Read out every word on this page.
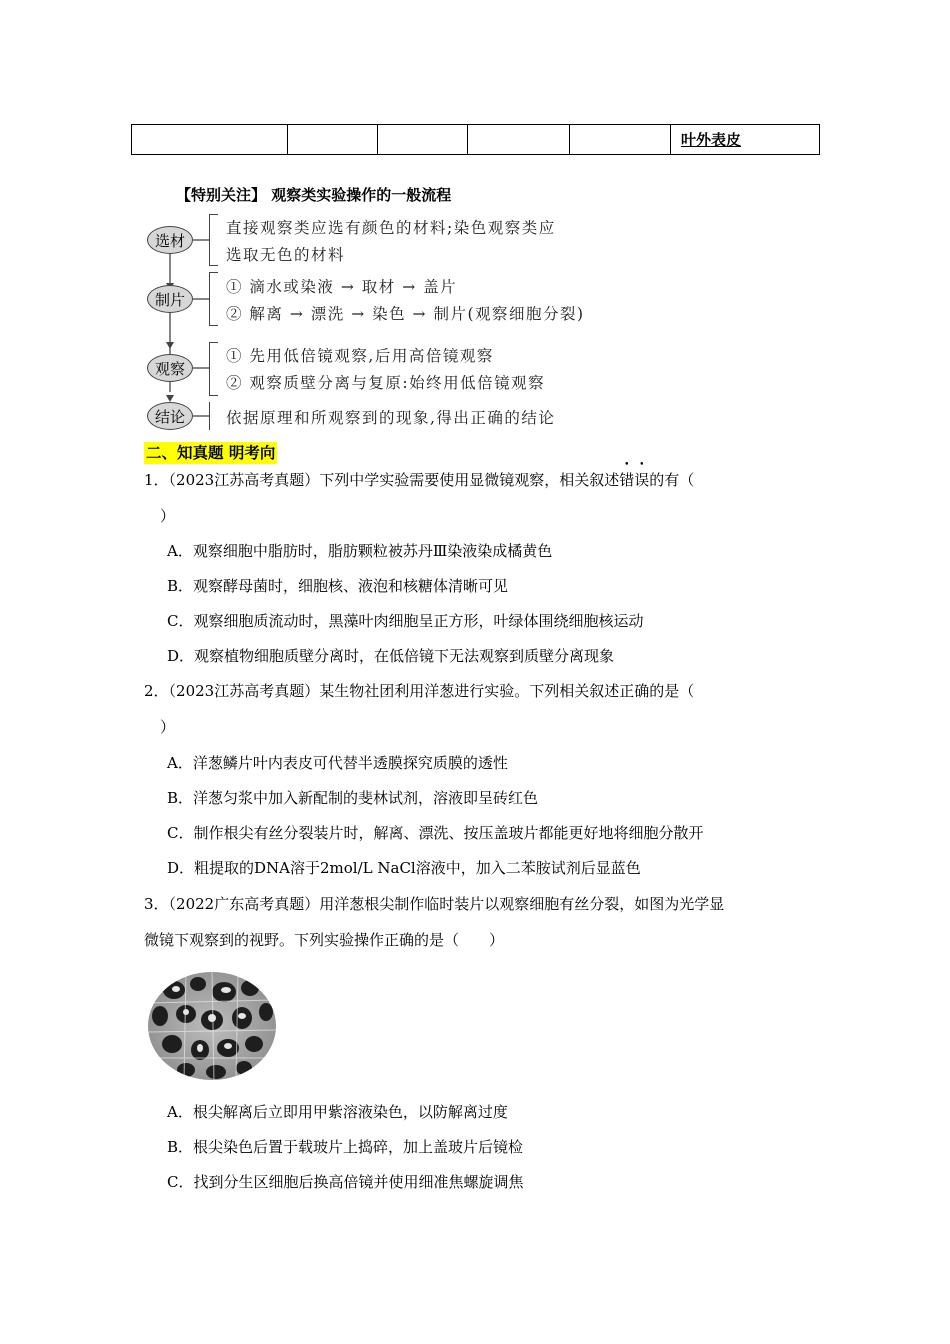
					叶外表皮
【特别关注】 观察类实验操作的一般流程
选材
制片
观察
结论
直接观察类应选有颜色的材料;染色观察类应
选取无色的材料
① 滴水或染液 → 取材 → 盖片
② 解离 → 漂洗 → 染色 → 制片(观察细胞分裂)
① 先用低倍镜观察,后用高倍镜观察
② 观察质壁分离与复原:始终用低倍镜观察
依据原理和所观察到的现象,得出正确的结论
二、知真题 明考向
1．（2023江苏高考真题）下列中学实验需要使用显微镜观察，相关叙述错误的有（
）
A．观察细胞中脂肪时，脂肪颗粒被苏丹Ⅲ染液染成橘黄色
B．观察酵母菌时，细胞核、液泡和核糖体清晰可见
C．观察细胞质流动时，黑藻叶肉细胞呈正方形，叶绿体围绕细胞核运动
D．观察植物细胞质壁分离时，在低倍镜下无法观察到质壁分离现象
2．（2023江苏高考真题）某生物社团利用洋葱进行实验。下列相关叙述正确的是（
）
A．洋葱鳞片叶内表皮可代替半透膜探究质膜的透性
B．洋葱匀浆中加入新配制的斐林试剂，溶液即呈砖红色
C．制作根尖有丝分裂装片时，解离、漂洗、按压盖玻片都能更好地将细胞分散开
D．粗提取的DNA溶于2mol/L NaCl溶液中，加入二苯胺试剂后显蓝色
3．（2022广东高考真题）用洋葱根尖制作临时装片以观察细胞有丝分裂，如图为光学显
微镜下观察到的视野。下列实验操作正确的是（　　）
A．根尖解离后立即用甲紫溶液染色，以防解离过度
B．根尖染色后置于载玻片上捣碎，加上盖玻片后镜检
C．找到分生区细胞后换高倍镜并使用细准焦螺旋调焦
